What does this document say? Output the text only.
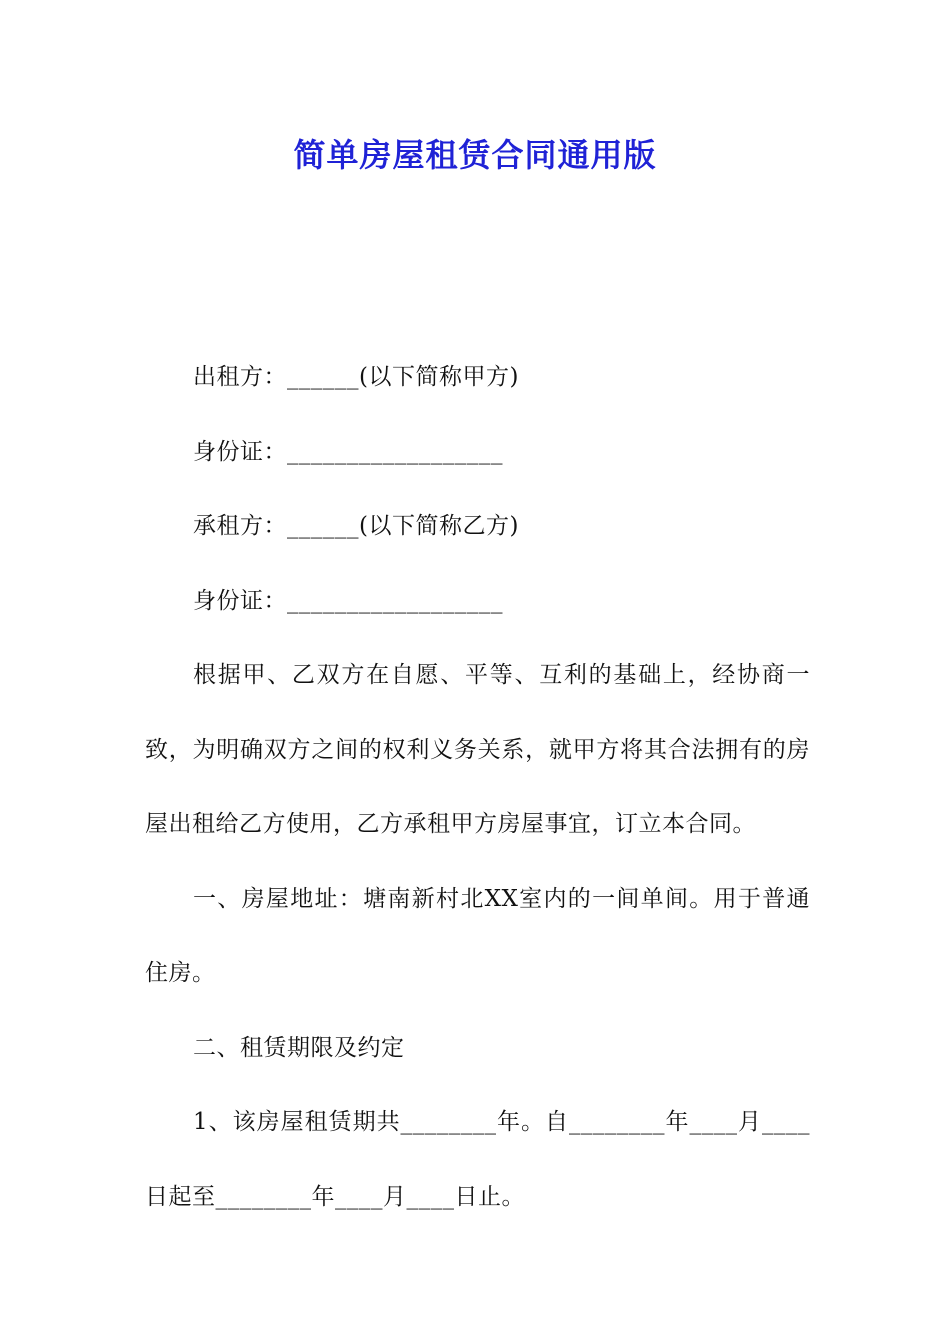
简单房屋租赁合同通用版

出租方：______(以下简称甲方)

身份证：__________________

承租方：______(以下简称乙方)

身份证：__________________

根据甲、乙双方在自愿、平等、互利的基础上，经协商一致，为明确双方之间的权利义务关系，就甲方将其合法拥有的房屋出租给乙方使用，乙方承租甲方房屋事宜，订立本合同。

一、房屋地址：塘南新村北XX室内的一间单间。用于普通住房。

二、租赁期限及约定

1、该房屋租赁期共________年。自________年____月____日起至________年____月____日止。
